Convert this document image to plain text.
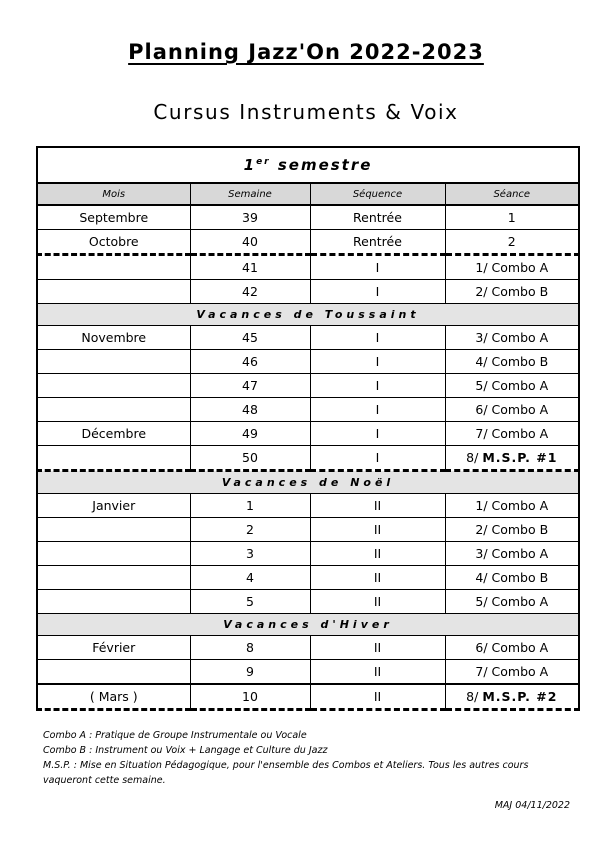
Planning Jazz'On 2022-2023
Cursus Instruments & Voix
1er semestre			
Mois	Semaine	Séquence	Séance
Septembre	39	Rentrée	1
Octobre	40	Rentrée	2
	41	I	1/ Combo A
	42	I	2/ Combo B
Vacances de Toussaint			
Novembre	45	I	3/ Combo A
	46	I	4/ Combo B
	47	I	5/ Combo A
	48	I	6/ Combo A
Décembre	49	I	7/ Combo A
	50	I	8/ M.S.P. #1
Vacances de Noël			
Janvier	1	II	1/ Combo A
	2	II	2/ Combo B
	3	II	3/ Combo A
	4	II	4/ Combo B
	5	II	5/ Combo A
Vacances d'Hiver			
Février	8	II	6/ Combo A
	9	II	7/ Combo A
( Mars )	10	II	8/ M.S.P. #2
Combo A : Pratique de Groupe Instrumentale ou Vocale
Combo B : Instrument ou Voix + Langage et Culture du Jazz
M.S.P. : Mise en Situation Pédagogique, pour l'ensemble des Combos et Ateliers. Tous les autres cours vaqueront cette semaine.
MAJ 04/11/2022
